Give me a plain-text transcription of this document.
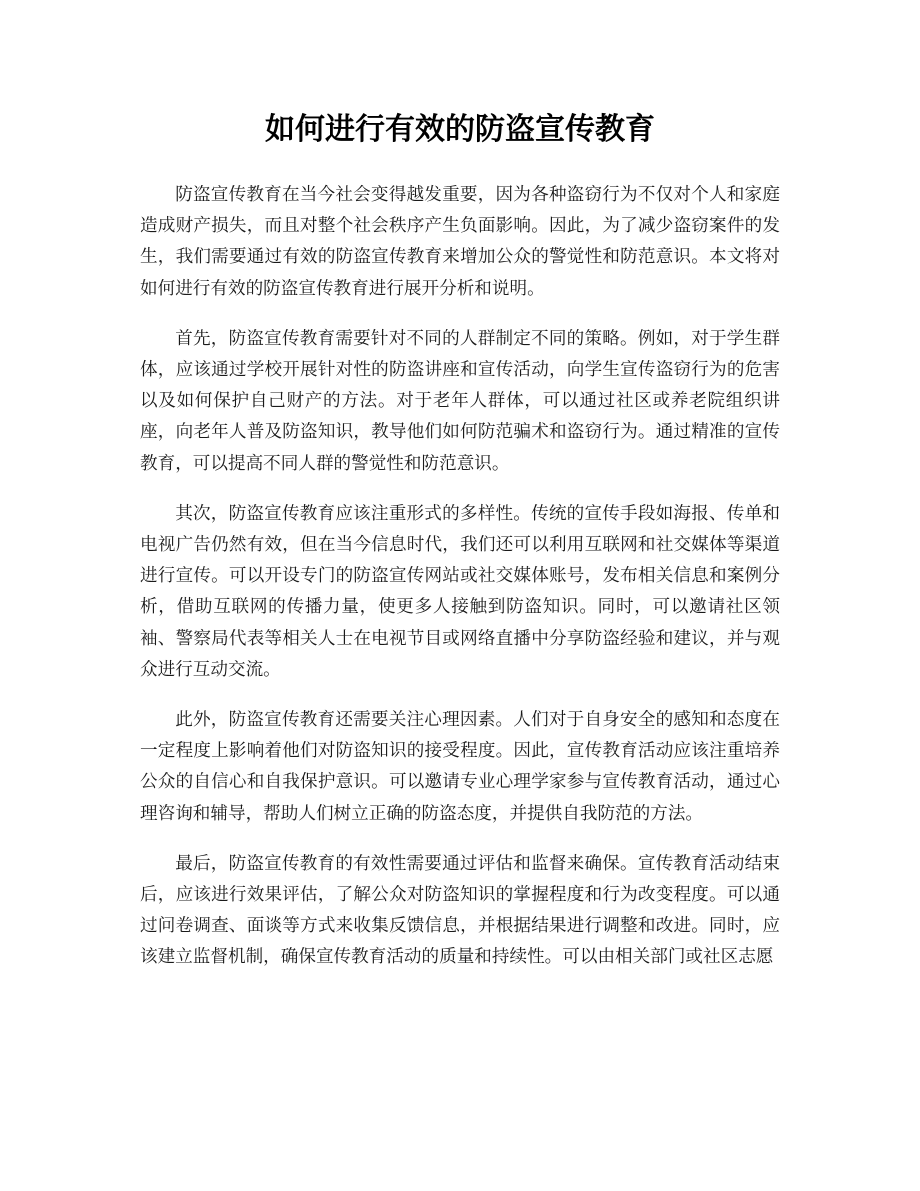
如何进行有效的防盗宣传教育

防盗宣传教育在当今社会变得越发重要，因为各种盗窃行为不仅对个人和家庭造成财产损失，而且对整个社会秩序产生负面影响。因此，为了减少盗窃案件的发生，我们需要通过有效的防盗宣传教育来增加公众的警觉性和防范意识。本文将对如何进行有效的防盗宣传教育进行展开分析和说明。

首先，防盗宣传教育需要针对不同的人群制定不同的策略。例如，对于学生群体，应该通过学校开展针对性的防盗讲座和宣传活动，向学生宣传盗窃行为的危害以及如何保护自己财产的方法。对于老年人群体，可以通过社区或养老院组织讲座，向老年人普及防盗知识，教导他们如何防范骗术和盗窃行为。通过精准的宣传教育，可以提高不同人群的警觉性和防范意识。

其次，防盗宣传教育应该注重形式的多样性。传统的宣传手段如海报、传单和电视广告仍然有效，但在当今信息时代，我们还可以利用互联网和社交媒体等渠道进行宣传。可以开设专门的防盗宣传网站或社交媒体账号，发布相关信息和案例分析，借助互联网的传播力量，使更多人接触到防盗知识。同时，可以邀请社区领袖、警察局代表等相关人士在电视节目或网络直播中分享防盗经验和建议，并与观众进行互动交流。

此外，防盗宣传教育还需要关注心理因素。人们对于自身安全的感知和态度在一定程度上影响着他们对防盗知识的接受程度。因此，宣传教育活动应该注重培养公众的自信心和自我保护意识。可以邀请专业心理学家参与宣传教育活动，通过心理咨询和辅导，帮助人们树立正确的防盗态度，并提供自我防范的方法。

最后，防盗宣传教育的有效性需要通过评估和监督来确保。宣传教育活动结束后，应该进行效果评估，了解公众对防盗知识的掌握程度和行为改变程度。可以通过问卷调查、面谈等方式来收集反馈信息，并根据结果进行调整和改进。同时，应该建立监督机制，确保宣传教育活动的质量和持续性。可以由相关部门或社区志愿
